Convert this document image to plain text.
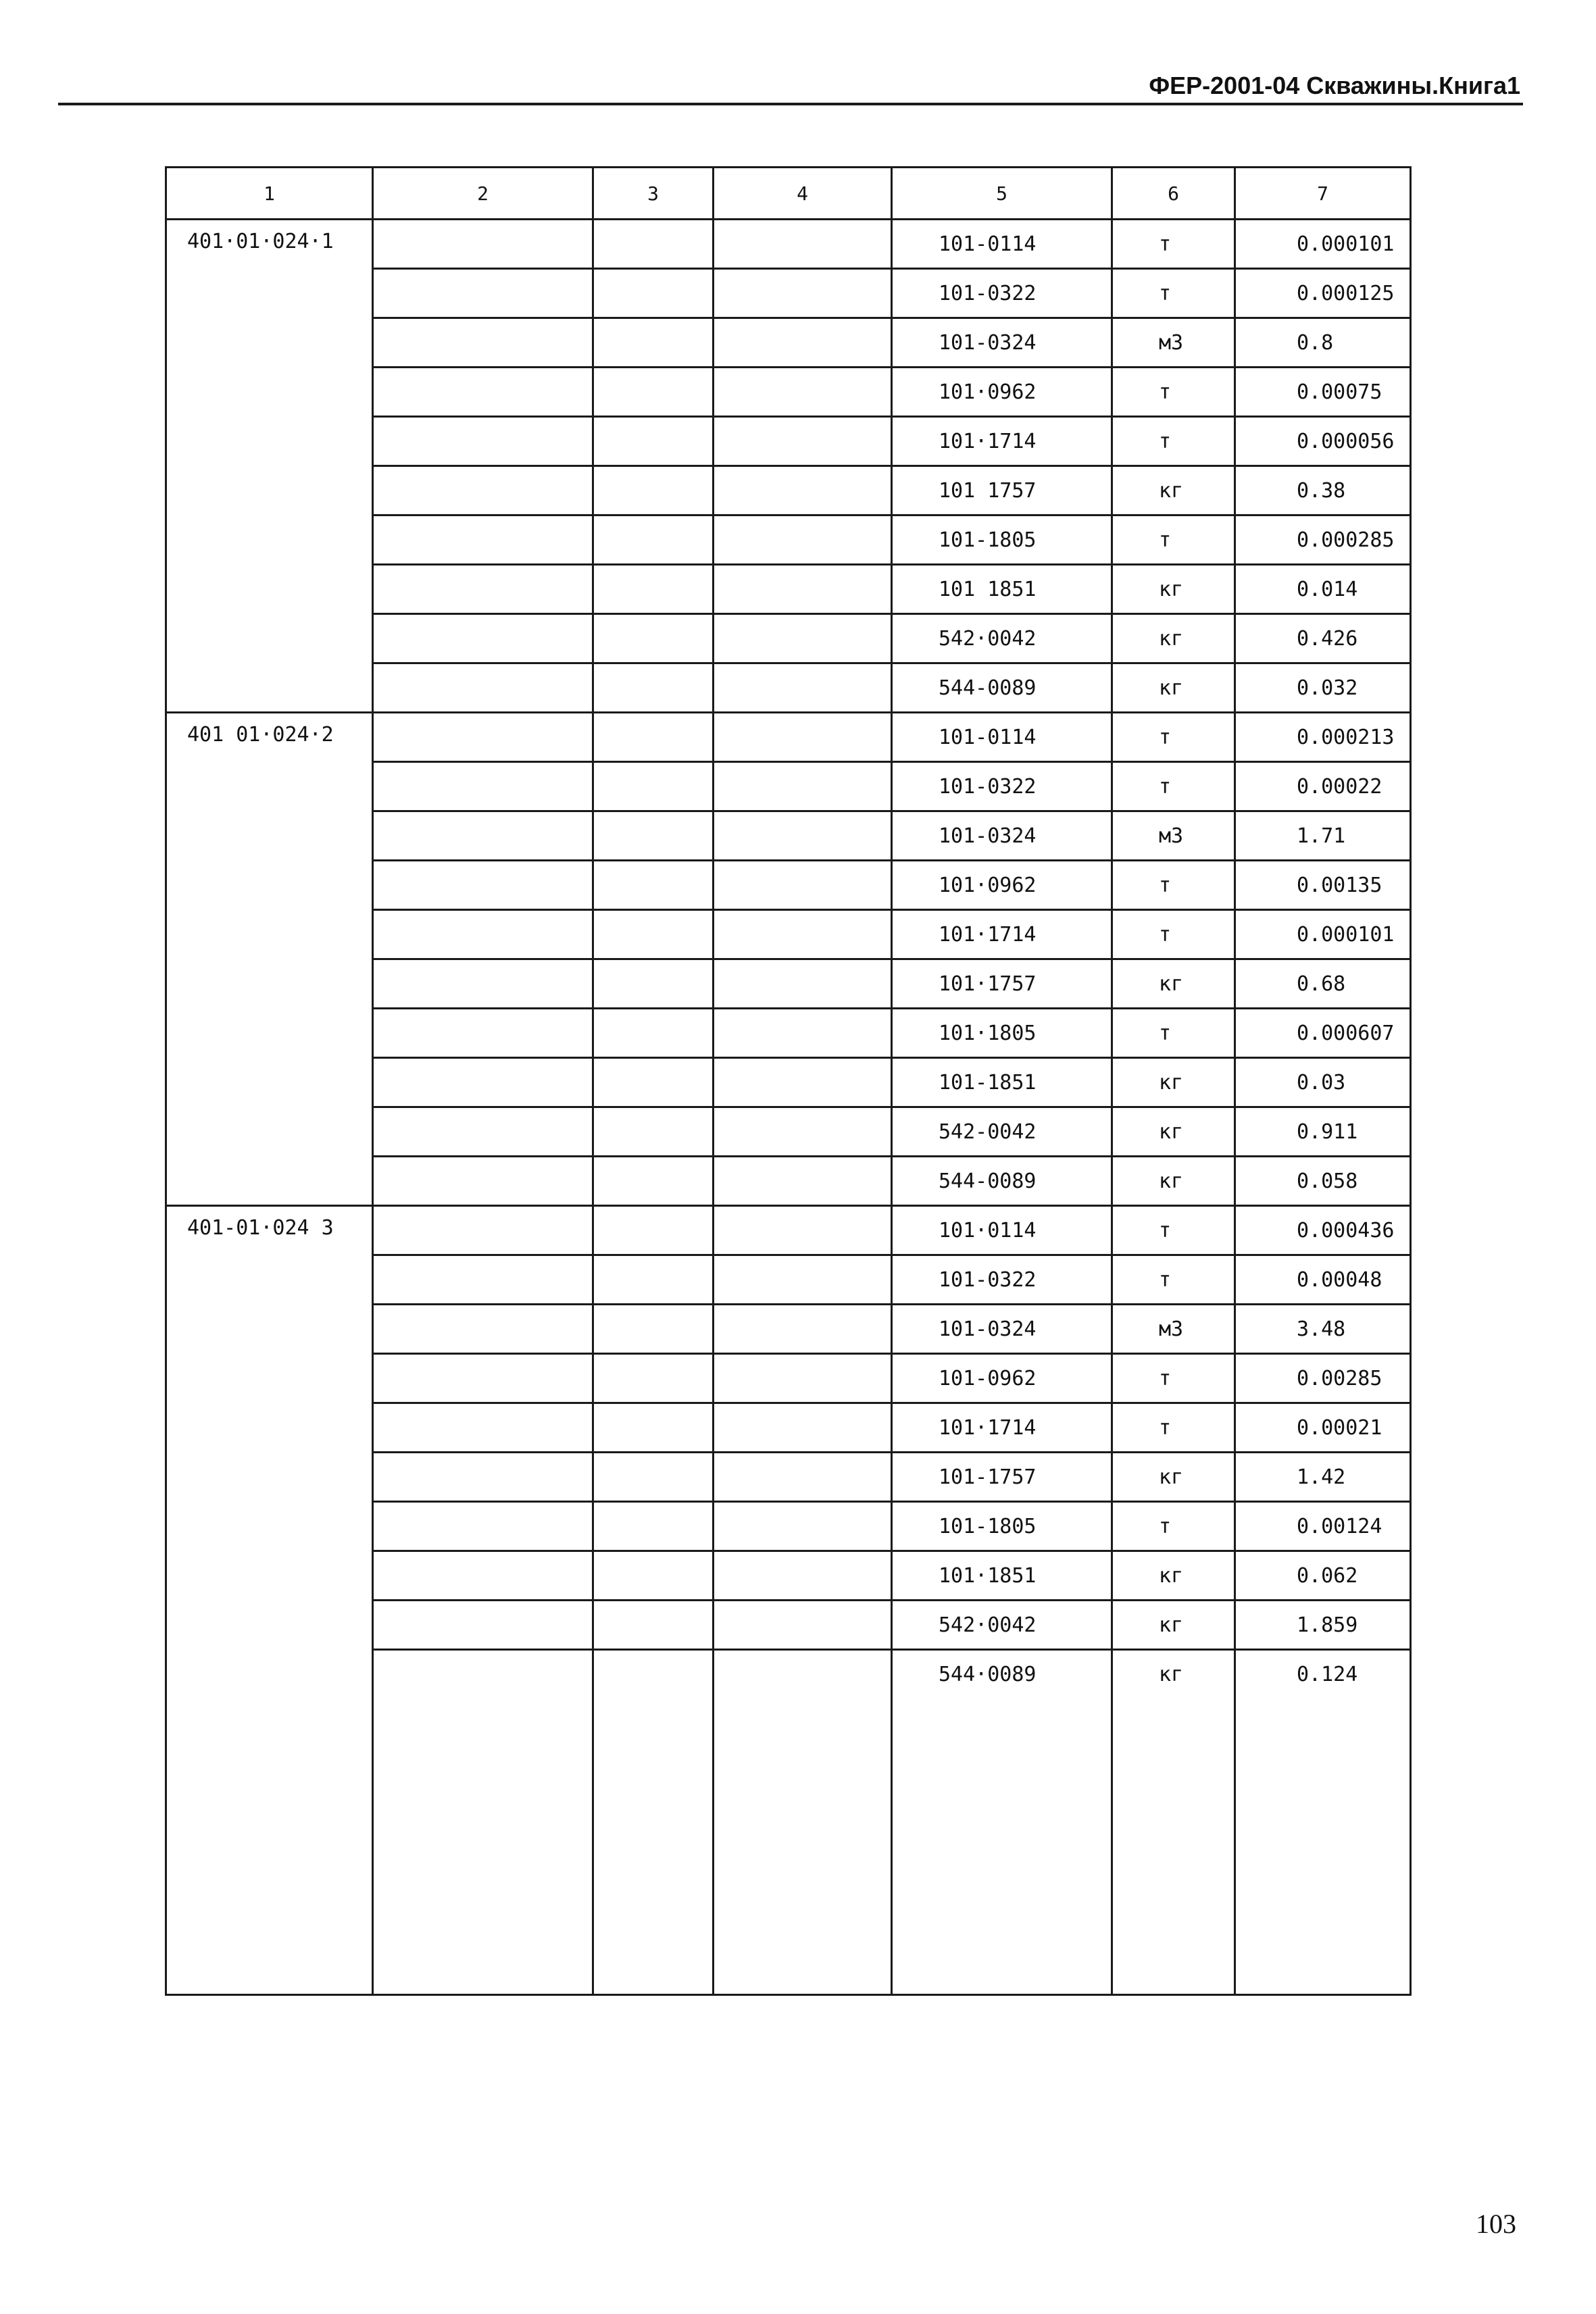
ФЕР-2001-04 Скважины.Книга1
1	2	3	4	5	6	7
401·01·024·1				101-0114	т	0.000101
				101-0322	т	0.000125
				101-0324	м3	0.8
				101·0962	т	0.00075
				101·1714	т	0.000056
				101 1757	кг	0.38
				101-1805	т	0.000285
				101 1851	кг	0.014
				542·0042	кг	0.426
				544-0089	кг	0.032
401 01·024·2				101-0114	т	0.000213
				101-0322	т	0.00022
				101-0324	м3	1.71
				101·0962	т	0.00135
				101·1714	т	0.000101
				101·1757	кг	0.68
				101·1805	т	0.000607
				101-1851	кг	0.03
				542-0042	кг	0.911
				544-0089	кг	0.058
401-01·024 3				101·0114	т	0.000436
				101-0322	т	0.00048
				101-0324	м3	3.48
				101-0962	т	0.00285
				101·1714	т	0.00021
				101-1757	кг	1.42
				101-1805	т	0.00124
				101·1851	кг	0.062
				542·0042	кг	1.859
				544·0089	кг	0.124
103
